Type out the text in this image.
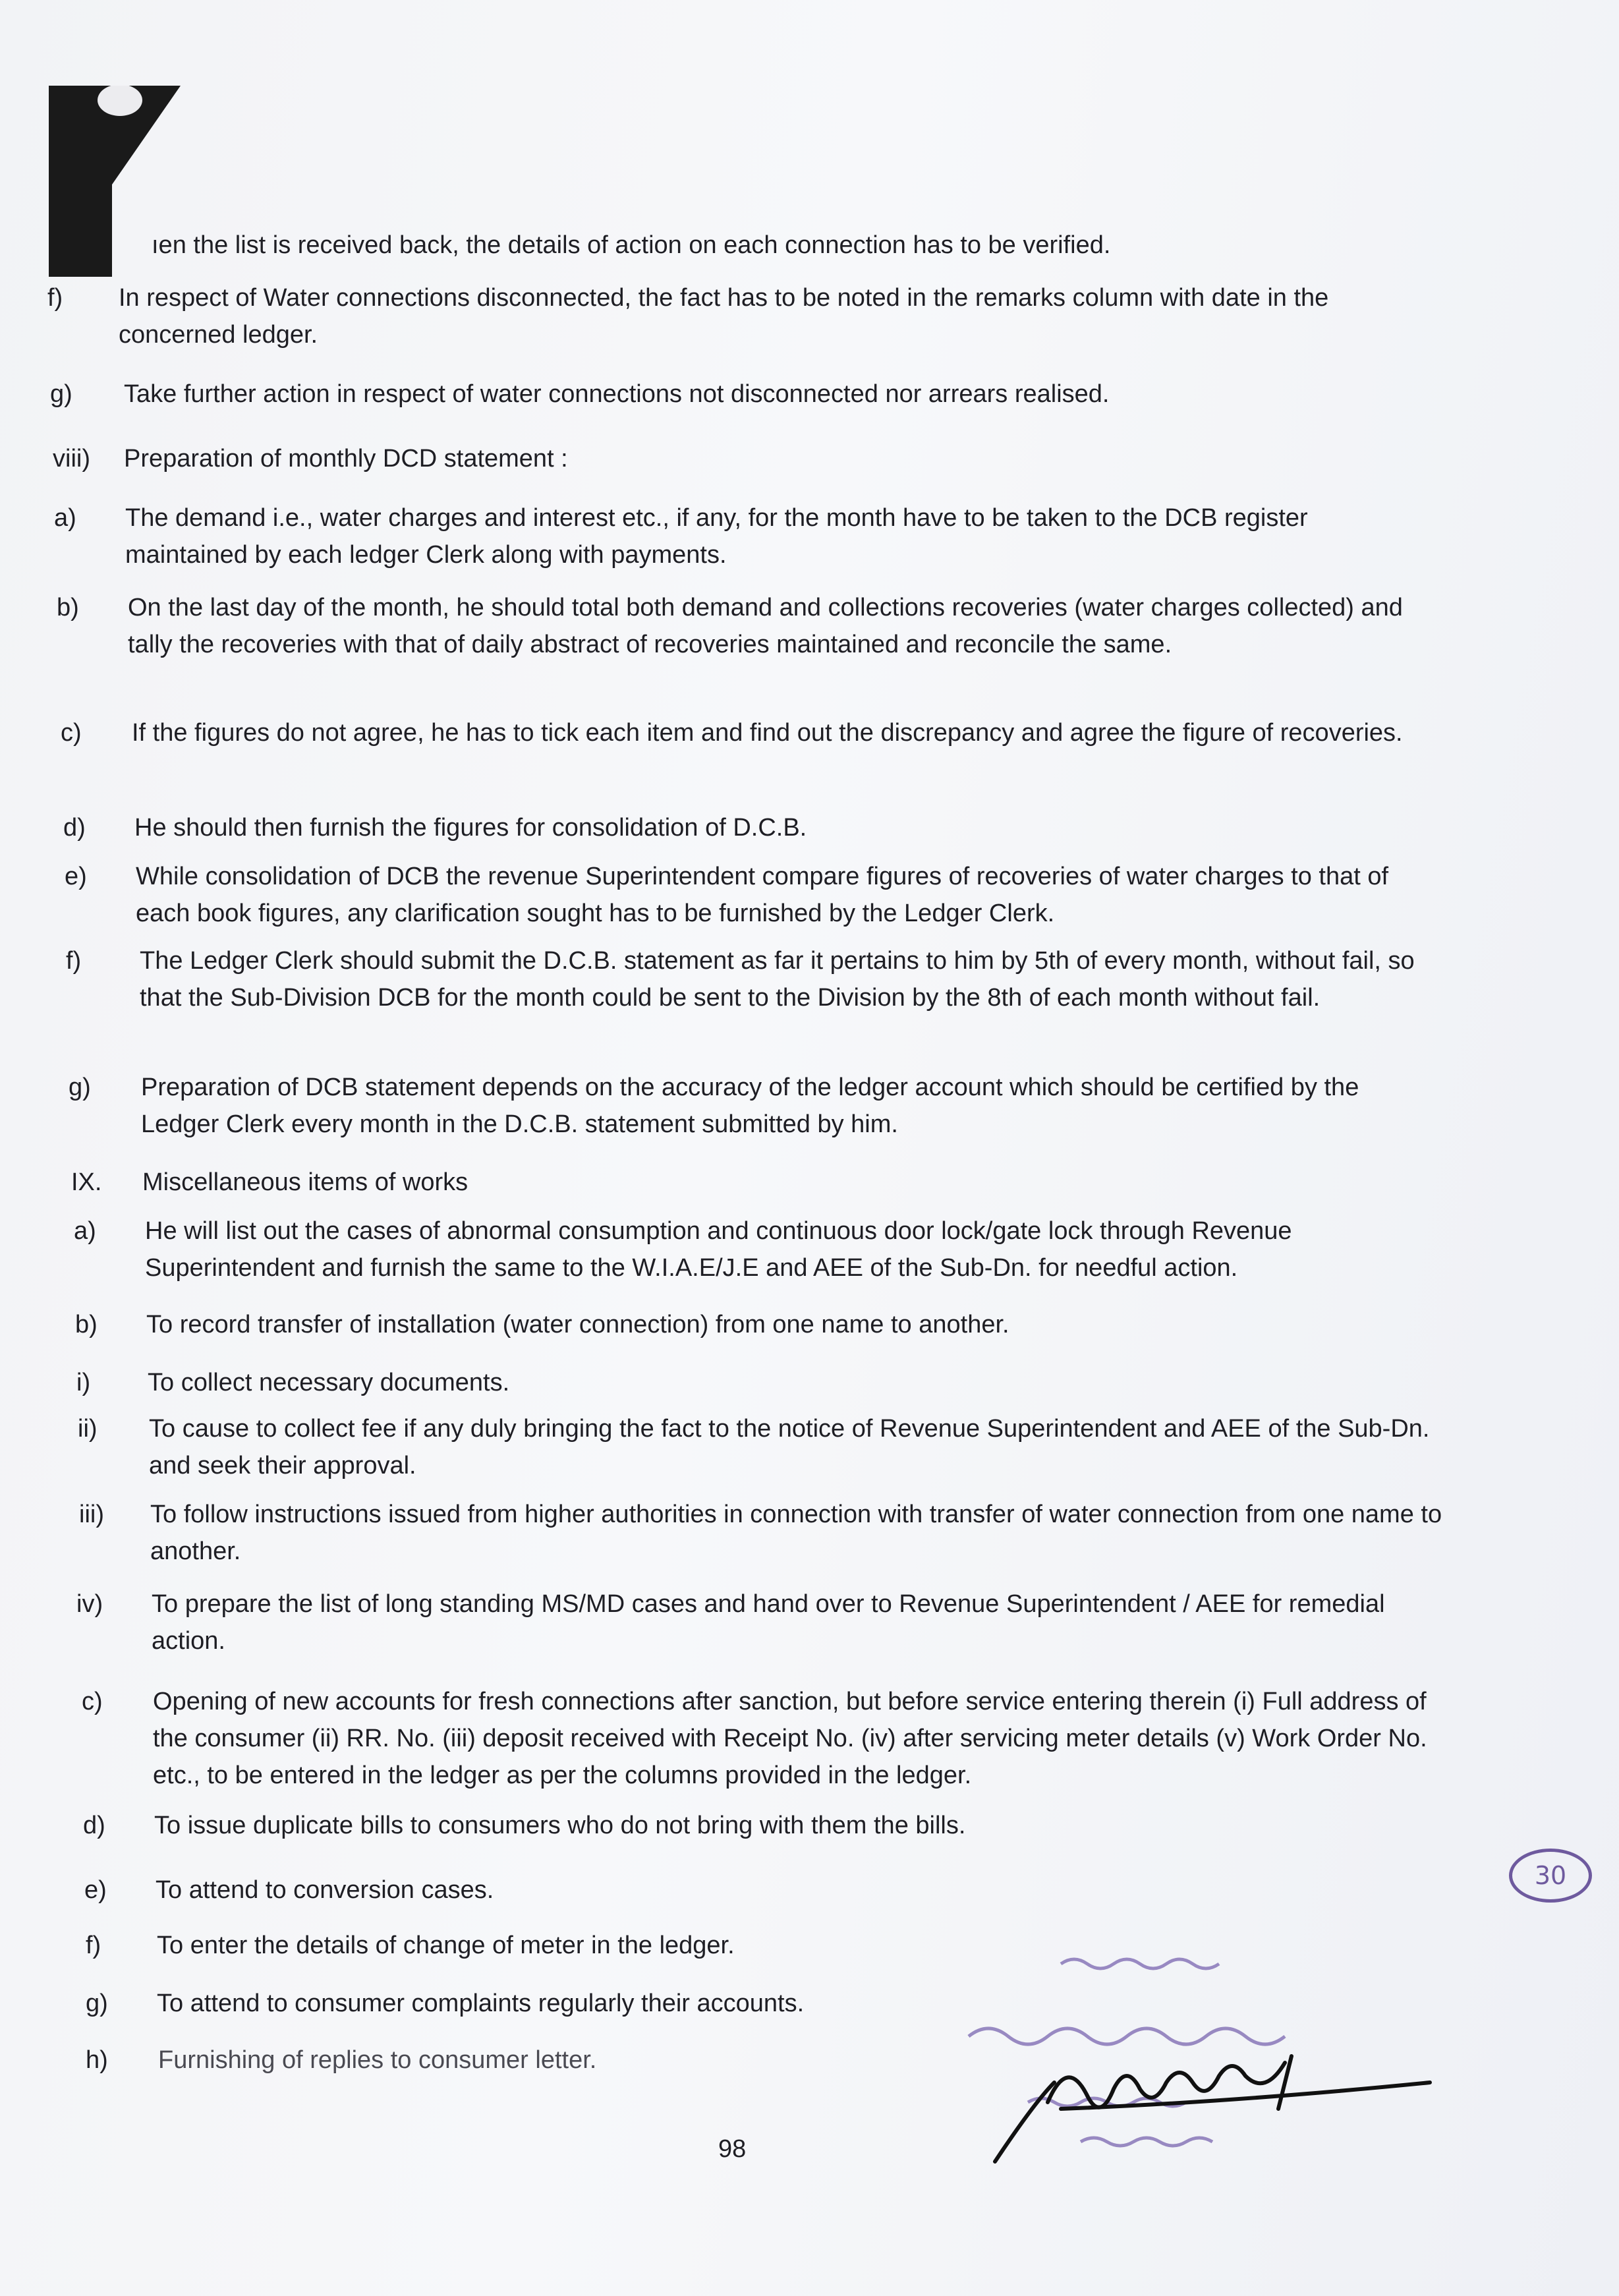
ıen the list is received back, the details of action on each connection has to be verified.
f)	In respect of Water connections disconnected, the fact has to be noted in the remarks column with date in the concerned ledger.
g)	Take further action in respect of water connections not disconnected nor arrears realised.
viii)	Preparation of monthly DCD statement :
a)	The demand i.e., water charges and interest etc., if any, for the month have to be taken to the DCB register maintained by each ledger Clerk along with payments.
b)	On the last day of the month, he should total both demand and collections recoveries (water charges collected) and tally the recoveries with that of daily abstract of recoveries maintained and reconcile the same.
c)	If the figures do not agree, he has to tick each item and find out the discrepancy and agree the figure of recoveries.
d)	He should then furnish the figures for consolidation of D.C.B.
e)	While consolidation of DCB the revenue Superintendent compare figures of recoveries of water charges to that of each book figures, any clarification sought has to be furnished by the Ledger Clerk.
f)	The Ledger Clerk should submit the D.C.B. statement as far it pertains to him by 5th of every month, without fail, so that the Sub-Division DCB for the month could be sent to the Division by the 8th of each month without fail.
g)	Preparation of DCB statement depends on the accuracy of the ledger account which should be certified by the Ledger Clerk every month in the D.C.B. statement submitted by him.
IX.	Miscellaneous items of works
a)	He will list out the cases of abnormal consumption and continuous door lock/gate lock through Revenue Superintendent and furnish the same to the W.I.A.E/J.E and AEE of the Sub-Dn. for needful action.
b)	To record transfer of installation (water connection) from one name to another.
i)	To collect necessary documents.
ii)	To cause to collect fee if any duly bringing the fact to the notice of Revenue Superintendent and AEE of the Sub-Dn. and seek their approval.
iii)	To follow instructions issued from higher authorities in connection with transfer of water connection from one name to another.
iv)	To prepare the list of long standing MS/MD cases and hand over to Revenue Superintendent / AEE for remedial action.
c)	Opening of new accounts for fresh connections after sanction, but before service entering therein (i) Full address of the consumer (ii) RR. No. (iii) deposit received with Receipt No. (iv) after servicing meter details (v) Work Order No. etc., to be entered in the ledger as per the columns provided in the ledger.
d)	To issue duplicate bills to consumers who do not bring with them the bills.
e)	To attend to conversion cases.
f)	To enter the details of change of meter in the ledger.
g)	To attend to consumer complaints regularly their accounts.
h)	Furnishing of replies to consumer letter.
98
30
